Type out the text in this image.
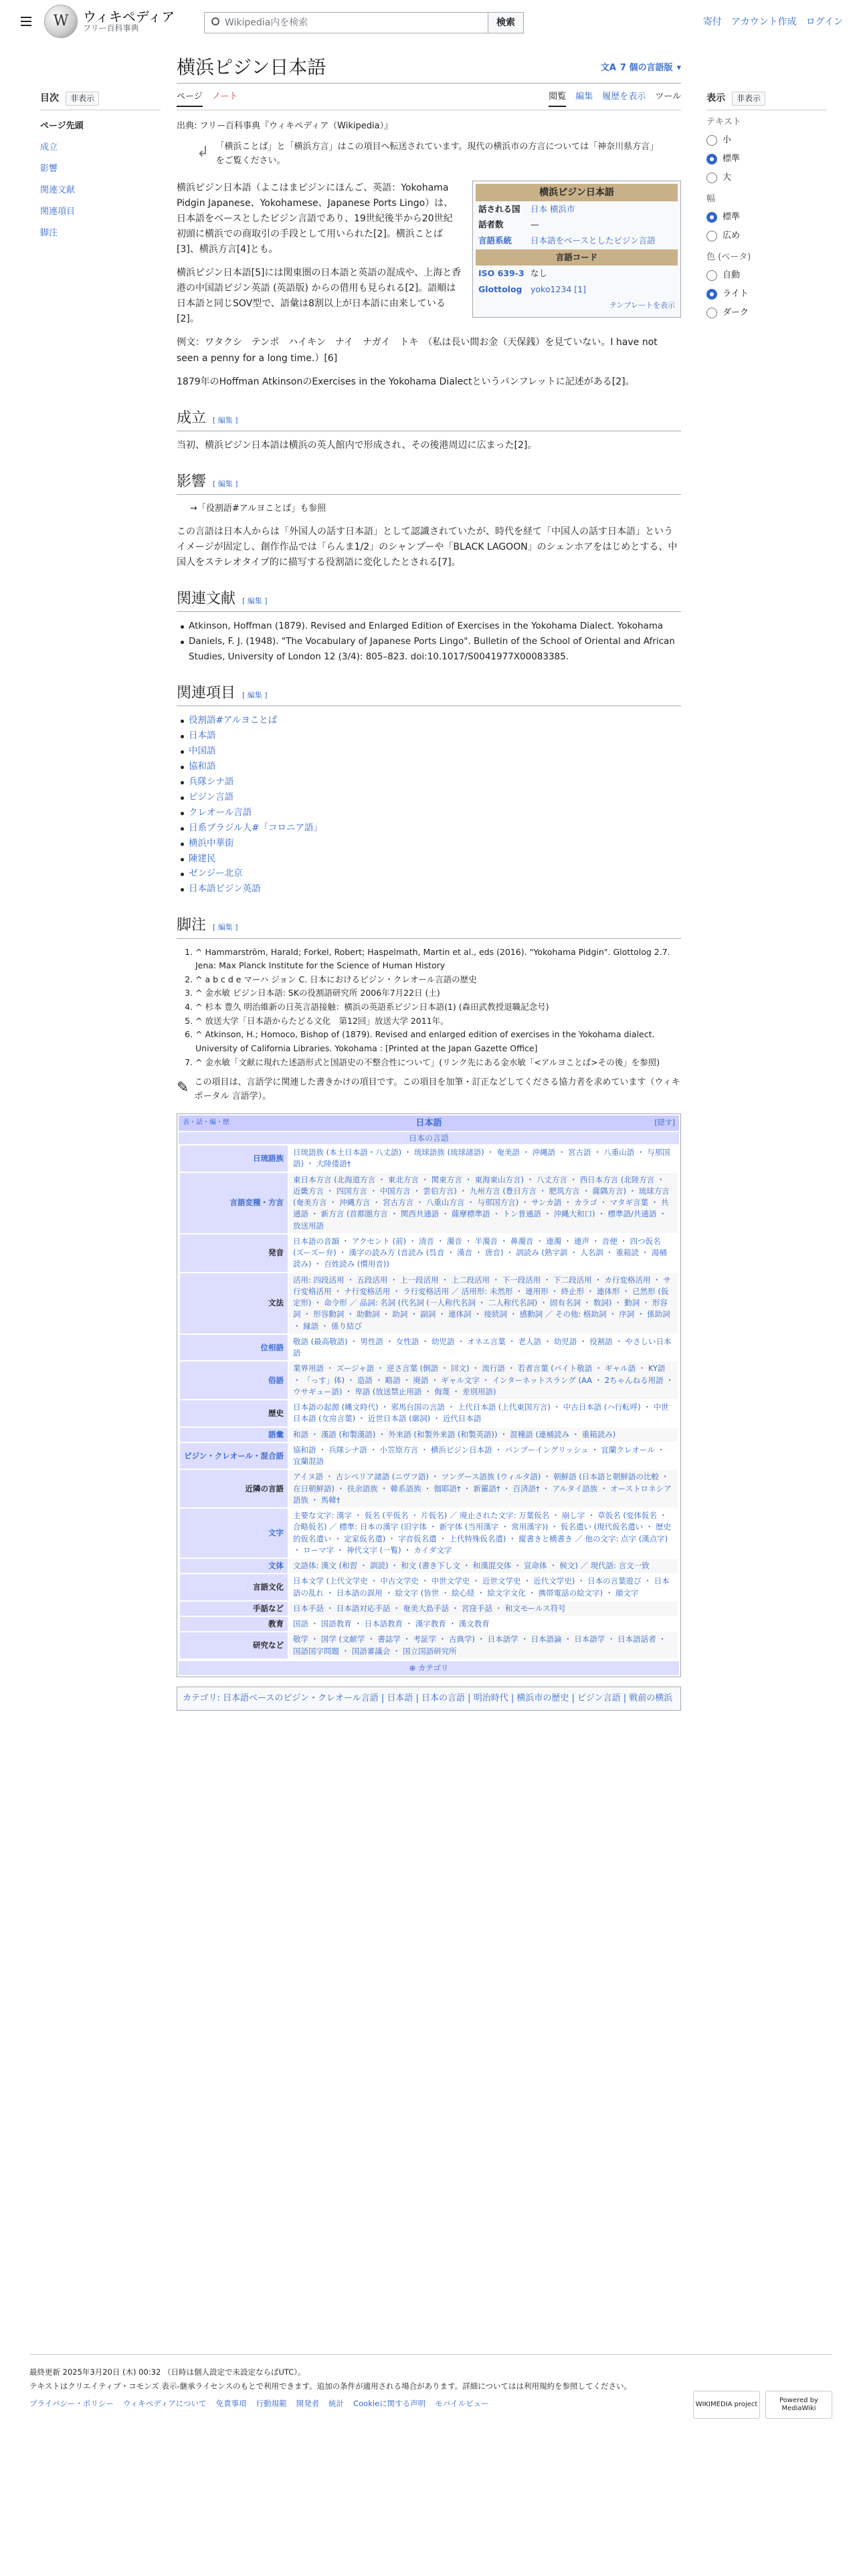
W	ウィキペディア
フリー百科事典
Wikipedia内を検索	検索	寄付 アカウント作成 ログイン
目次	非表示
ページ先頭
成立
影響
関連文献
関連項目
脚注
表示	非表示
テキスト
小
標準
大
幅
標準
広め
色 (ベータ)
自動
ライト
ダーク
横浜ピジン日本語	文A 7 個の言語版 ▾
ページ ノート	閲覧 編集 履歴を表示 ツール
出典: フリー百科事典『ウィキペディア（Wikipedia）』
↲ 「横浜ことば」と「横浜方言」はこの項目へ転送されています。現代の横浜市の方言については「神奈川県方言」をご覧ください。
横浜ピジン日本語
話される国	日本 横浜市
話者数	—
言語系統	日本語をベースとしたピジン言語
言語コード
ISO 639-3 なし
Glottolog	yoko1234 [1]
テンプレートを表示

横浜ピジン日本語（よこはまピジンにほんご、英語：Yokohama Pidgin Japanese、Yokohamese、Japanese Ports Lingo）は、日本語をベースとしたピジン言語であり、19世紀後半から20世紀初頭に横浜での商取引の手段として用いられた[2]。横浜ことば[3]、横浜方言[4]とも。

横浜ピジン日本語[5]には関東圏の日本語と英語の混成や、上海と香港の中国語ピジン英語 (英語版) からの借用も見られる[2]。語順は日本語と同じSOV型で、語彙は8割以上が日本語に由来している[2]。

例文：ワタクシ　テンポ　ハイキン　ナイ　ナガイ　トキ　（私は長い間お金（天保銭）を見ていない。I have not seen a penny for a long time.）[6]

1879年のHoffman AtkinsonのExercises in the Yokohama Dialectというパンフレットに記述がある[2]。

成立 [ 編集 ]

当初、横浜ピジン日本語は横浜の英人館内で形成され、その後港周辺に広まった[2]。

影響 [ 編集 ]

→「役割語#アルヨことば」も参照

この言語は日本人からは「外国人の話す日本語」として認識されていたが、時代を経て「中国人の話す日本語」というイメージが固定し、創作作品では「らんま1/2」のシャンプーや「BLACK LAGOON」のシェンホアをはじめとする、中国人をステレオタイプ的に描写する役割語に変化したとされる[7]。

関連文献 [ 編集 ]
Atkinson, Hoffman (1879). Revised and Enlarged Edition of Exercises in the Yokohama Dialect. Yokohama
Daniels, F. J. (1948). "The Vocabulary of Japanese Ports Lingo". Bulletin of the School of Oriental and African Studies, University of London 12 (3/4): 805–823. doi:10.1017/S0041977X00083385.
関連項目 [ 編集 ]
役割語#アルヨことば
日本語
中国語
協和語
兵隊シナ語
ピジン言語
クレオール言語
日系ブラジル人#「コロニア語」
横浜中華街
陳建民
ゼンジー北京
日本語ピジン英語
脚注 [ 編集 ]
1. ^ Hammarström, Harald; Forkel, Robert; Haspelmath, Martin et al., eds (2016). "Yokohama Pidgin". Glottolog 2.7. Jena: Max Planck Institute for the Science of Human History
2. ^ a b c d e マーハ ジョン C. 日本におけるピジン・クレオール言語の歴史
3. ^ 金水敏 ピジン日本語: SKの役割語研究所 2006年7月22日 (土)
4. ^ 杉本 豊久 明治維新の日英言語接触：横浜の英語系ピジン日本語(1) (森田武教授退職記念号)
5. ^ 放送大学「日本語からたどる文化　第12回」放送大学 2011年。
6. ^ Atkinson, H.; Homoco, Bishop of (1879). Revised and enlarged edition of exercises in the Yokohama dialect. University of California Libraries. Yokohama : [Printed at the Japan Gazette Office]
7. ^ 金水敏「文献に現れた述語形式と国語史の不整合性について」(リンク先にある金水敏「<アルヨことば>その後」を参照)
✎ この項目は、言語学に関連した書きかけの項目です。この項目を加筆・訂正などしてくださる協力者を求めています（ウィキポータル 言語学）。
表・話・編・歴	日本語	[隠す]
日本の言語
日琉語族	日琉語族 (本土日本語・八丈語) ・ 琉球語族 (琉球諸語) ・ 奄美語 ・ 沖縄語 ・ 宮古語 ・ 八重山語 ・ 与那国語) ・ 大陸倭語†
言語変種・方言	東日本方言 (北海道方言 ・ 東北方言 ・ 関東方言 ・ 東海東山方言) ・ 八丈方言 ・ 西日本方言 (北陸方言 ・ 近畿方言 ・ 四国方言 ・ 中国方言 ・ 雲伯方言) ・ 九州方言 (豊日方言 ・ 肥筑方言 ・ 薩隅方言) ・ 琉球方言 (奄美方言 ・ 沖縄方言 ・ 宮古方言 ・ 八重山方言 ・ 与那国方言) ・ サンカ語 ・ カラゴ ・ マタギ言葉 ・ 共通語 ・ 新方言 (首都圏方言 ・ 関西共通語 ・ 薩摩標準語 ・ トン普通語 ・ 沖縄大和口) ・ 標準語/共通語 ・ 放送用語
発音	日本語の音韻 ・ アクセント (前) ・ 清音 ・ 濁音 ・ 半濁音 ・ 鼻濁音 ・ 連濁 ・ 連声 ・ 音便 ・ 四つ仮名 (ズーズー弁) ・ 漢字の読み方 (音読み (呉音 ・ 漢音 ・ 唐音) ・ 訓読み (熟字訓 ・ 人名訓 ・ 重箱読 ・ 湯桶読み) ・ 百姓読み (慣用音))
文法	活用: 四段活用 ・ 五段活用 ・ 上一段活用 ・ 上二段活用 ・ 下一段活用 ・ 下二段活用 ・ カ行変格活用 ・ サ行変格活用 ・ ナ行変格活用 ・ ラ行変格活用 ／ 活用形: 未然形 ・ 連用形 ・ 終止形 ・ 連体形 ・ 已然形 (仮定形) ・ 命令形 ／ 品詞: 名詞 (代名詞 (一人称代名詞 ・ 二人称代名詞) ・ 固有名詞 ・ 数詞) ・ 動詞 ・ 形容詞 ・ 形容動詞 ・ 助動詞 ・ 助詞 ・ 副詞 ・ 連体詞 ・ 接続詞 ・ 感動詞 ／ その他: 格助詞 ・ 序詞 ・ 係助詞 ・ 縁語 ・ 係り結び
位相語	敬語 (最高敬語) ・ 男性語 ・ 女性語 ・ 幼児語 ・ オネエ言葉 ・ 老人語 ・ 幼児語 ・ 役割語 ・ やさしい日本語
俗語	業界用語 ・ ズージャ語 ・ 逆さ言葉 (倒語 ・ 回文) ・ 流行語 ・ 若者言葉 (バイト敬語 ・ ギャル語 ・ KY語 ・ 「っす」体) ・ 造語 ・ 略語 ・ 廃語 ・ ギャル文字 ・ インターネットスラング (AA ・ 2ちゃんねる用語 ・ ウサギュー語) ・ 卑語 (放送禁止用語 ・ 侮蔑 ・ 差別用語)
歴史	日本語の起源 (縄文時代) ・ 邪馬台国の言語 ・ 上代日本語 (上代東国方言) ・ 中古日本語 (ハ行転呼) ・ 中世日本語 (女房言葉) ・ 近世日本語 (廓詞) ・ 近代日本語
語彙	和語 ・ 漢語 (和製漢語) ・ 外来語 (和製外来語 (和製英語)) ・ 混種語 (連桶読み ・ 重箱読み)
ピジン・クレオール・混合語	協和語 ・ 兵隊シナ語 ・ 小笠原方言 ・ 横浜ピジン日本語 ・ バンブーイングリッシュ ・ 宜蘭クレオール ・ 宜蘭混語
近隣の言語	アイヌ語 ・ 古シベリア諸語 (ニヴフ語) ・ ツングース語族 (ウィルタ語) ・ 朝鮮語 (日本語と朝鮮語の比較 ・ 在日朝鮮語) ・ 扶余語族 ・ 韓系語族 ・ 伽耶語† ・ 新羅語† ・ 百済語† ・ アルタイ語族 ・ オーストロネシア語族 ・ 馬韓†
文字	主要な文字: 漢字 ・ 仮名 (平仮名 ・ 片仮名) ／ 廃止された文字: 万葉仮名 ・ 崩し字 ・ 草仮名 (変体仮名 ・ 合略仮名) ／ 標準: 日本の漢字 (旧字体 ・ 新字体 (当用漢字 ・ 常用漢字)) ・ 仮名遣い (現代仮名遣い ・ 歴史的仮名遣い ・ 定家仮名遣) ・ 字音仮名遣 ・ 上代特殊仮名遣) ・ 縦書きと横書き ／ 他の文字: 点字 (漢点字) ・ ローマ字 ・ 神代文字 (一覧) ・ カイダ文字
文体	文語体: 漢文 (和習 ・ 訓読) ・ 和文 (書き下し文 ・ 和漢混交体 ・ 宣命体 ・ 候文) ／ 現代語: 言文一致
言語文化	日本文学 (上代文学史 ・ 中古文学史 ・ 中世文学史 ・ 近世文学史 ・ 近代文学史) ・ 日本の言葉遊び ・ 日本語の乱れ ・ 日本語の誤用 ・ 絵文字 (皆世 ・ 絵心経 ・ 絵文字文化 ・ 携帯電話の絵文字) ・ 顔文字
手話など	日本手話 ・ 日本語対応手話 ・ 奄美大島手話 ・ 宮窪手話 ・ 和文モールス符号
教育	国語 ・ 国語教育 ・ 日本語教育 ・ 漢字教育 ・ 漢文教育
研究など	敬学 ・ 国学 (文献学 ・ 書誌学 ・ 考証学 ・ 古典学) ・ 日本語学 ・ 日本語論 ・ 日本語学 ・ 日本語話者 ・ 国語国字問題 ・ 国語審議会 ・ 国立国語研究所
⊕ カテゴリ
カテゴリ: 日本語ベースのピジン・クレオール言語 | 日本語 | 日本の言語 | 明治時代 | 横浜市の歴史 | ピジン言語 | 戦前の横浜
最終更新 2025年3月20日 (木) 00:32 （日時は個人設定で未設定ならばUTC）。
テキストはクリエイティブ・コモンズ 表示-継承ライセンスのもとで利用できます。追加の条件が適用される場合があります。詳細についてはは利用規約を参照してください。
プライバシー・ポリシー ウィキペディアについて 免責事項 行動規範 開発者 統計 Cookieに関する声明 モバイルビュー	WIKIMEDIA project
Powered by MediaWiki
